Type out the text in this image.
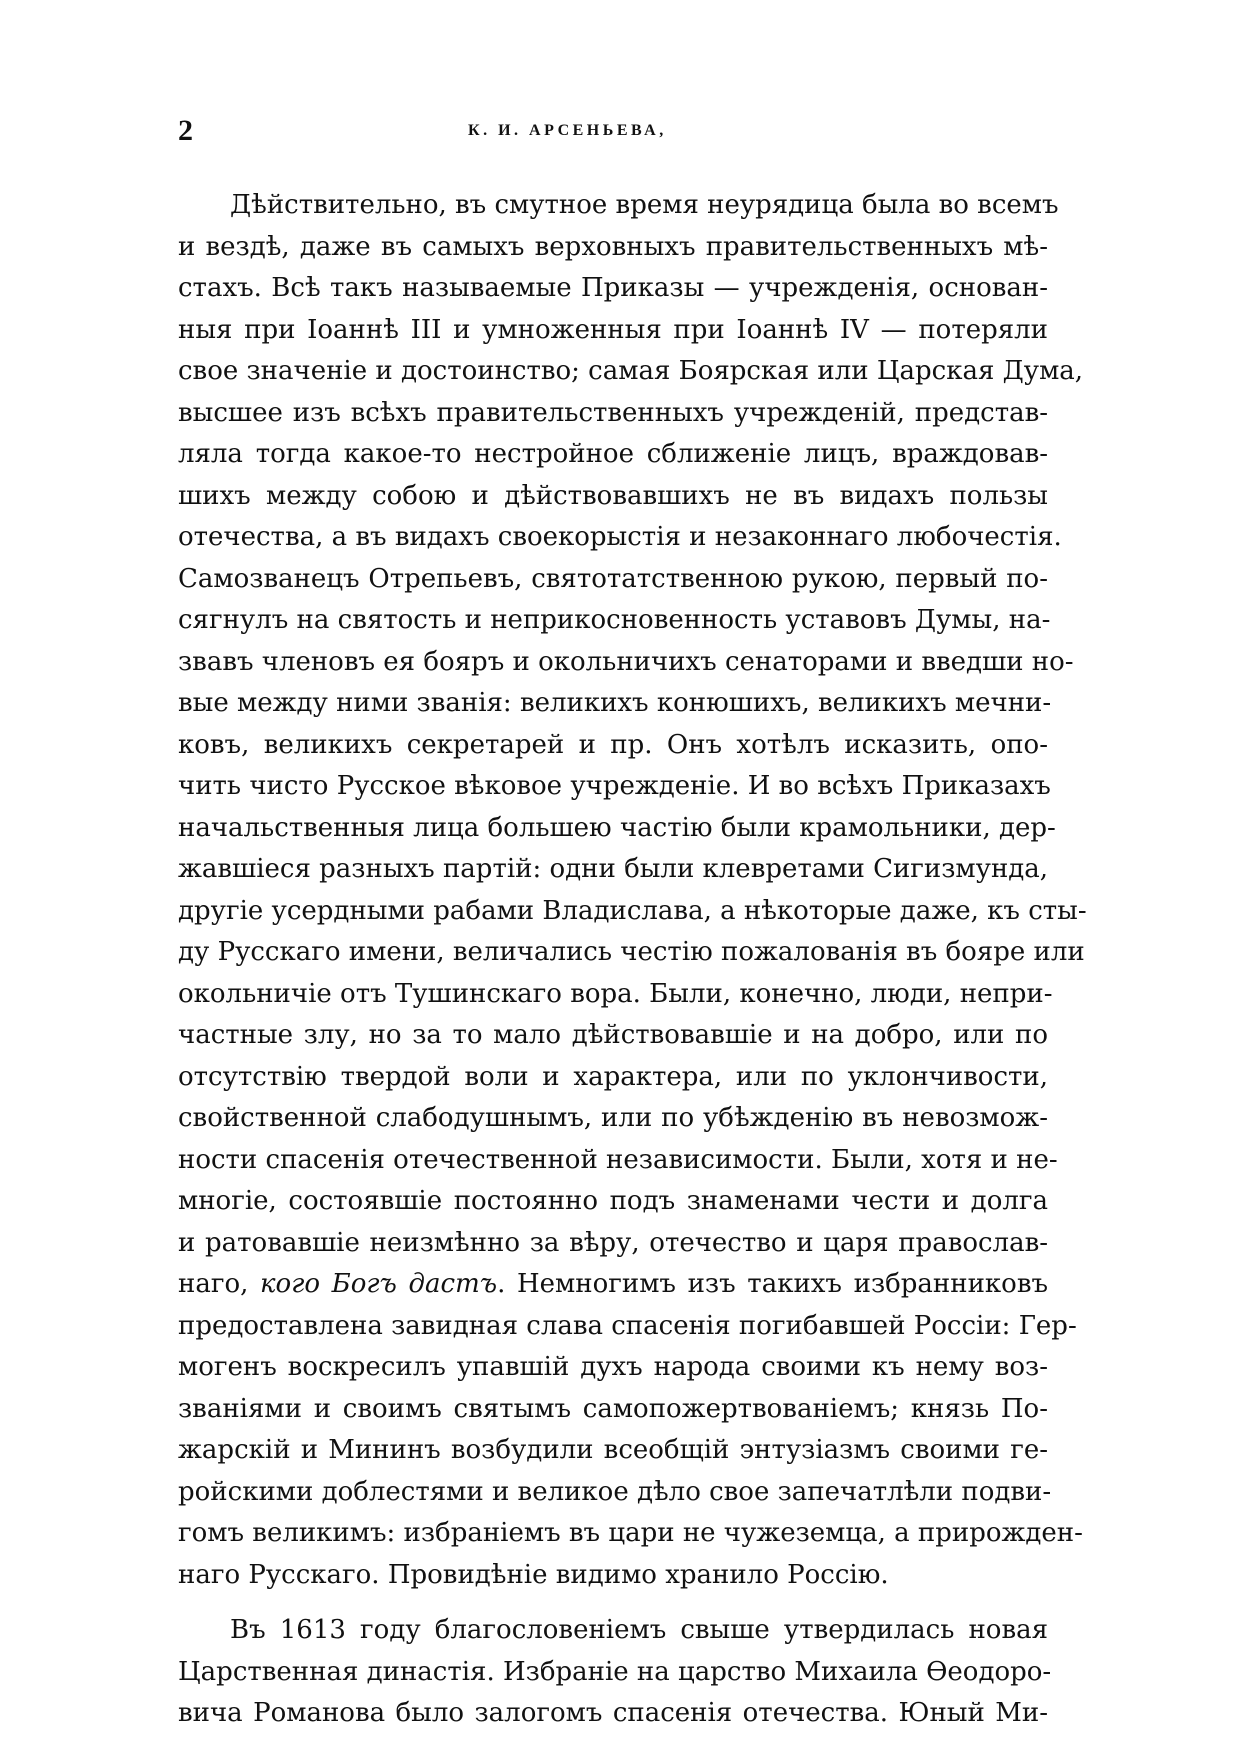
2	К. И. АРСЕНЬЕВА,
Дѣйствительно, въ смутное время неурядица была во всемъ
и вездѣ, даже въ самыхъ верховныхъ правительственныхъ мѣ-
стахъ. Всѣ такъ называемые Приказы — учрежденія, основан-
ныя при Іоаннѣ III и умноженныя при Іоаннѣ IV — потеряли
свое значеніе и достоинство; самая Боярская или Царская Дума,
высшее изъ всѣхъ правительственныхъ учрежденій, представ-
ляла тогда какое-то нестройное сближеніе лицъ, враждовав-
шихъ между собою и дѣйствовавшихъ не въ видахъ пользы
отечества, а въ видахъ своекорыстія и незаконнаго любочестія.
Самозванецъ Отрепьевъ, святотатственною рукою, первый по-
сягнулъ на святость и неприкосновенность уставовъ Думы, на-
звавъ членовъ ея бояръ и окольничихъ сенаторами и введши но-
вые между ними званія: великихъ конюшихъ, великихъ мечни-
ковъ, великихъ секретарей и пр. Онъ хотѣлъ исказить, опо-
чить чисто Русское вѣковое учрежденіе. И во всѣхъ Приказахъ
начальственныя лица большею частію были крамольники, дер-
жавшіеся разныхъ партій: одни были клевретами Сигизмунда,
другіе усердными рабами Владислава, а нѣкоторые даже, къ сты-
ду Русскаго имени, величались честію пожалованія въ бояре или
окольничіе отъ Тушинскаго вора. Были, конечно, люди, непри-
частные злу, но за то мало дѣйствовавшіе и на добро, или по
отсутствію твердой воли и характера, или по уклончивости,
свойственной слабодушнымъ, или по убѣжденію въ невозмож-
ности спасенія отечественной независимости. Были, хотя и не-
многіе, состоявшіе постоянно подъ знаменами чести и долга
и ратовавшіе неизмѣнно за вѣру, отечество и царя православ-
наго, кого Богъ дастъ. Немногимъ изъ такихъ избранниковъ
предоставлена завидная слава спасенія погибавшей Россіи: Гер-
могенъ воскресилъ упавшій духъ народа своими къ нему воз-
званіями и своимъ святымъ самопожертвованіемъ; князь По-
жарскій и Мининъ возбудили всеобщій энтузіазмъ своими ге-
ройскими доблестями и великое дѣло свое запечатлѣли подви-
гомъ великимъ: избраніемъ въ цари не чужеземца, а прирожден-
наго Русскаго. Провидѣніе видимо хранило Россію.
Въ 1613 году благословеніемъ свыше утвердилась новая
Царственная династія. Избраніе на царство Михаила Ѳеодоро-
вича Романова было залогомъ спасенія отечества. Юный Ми-
